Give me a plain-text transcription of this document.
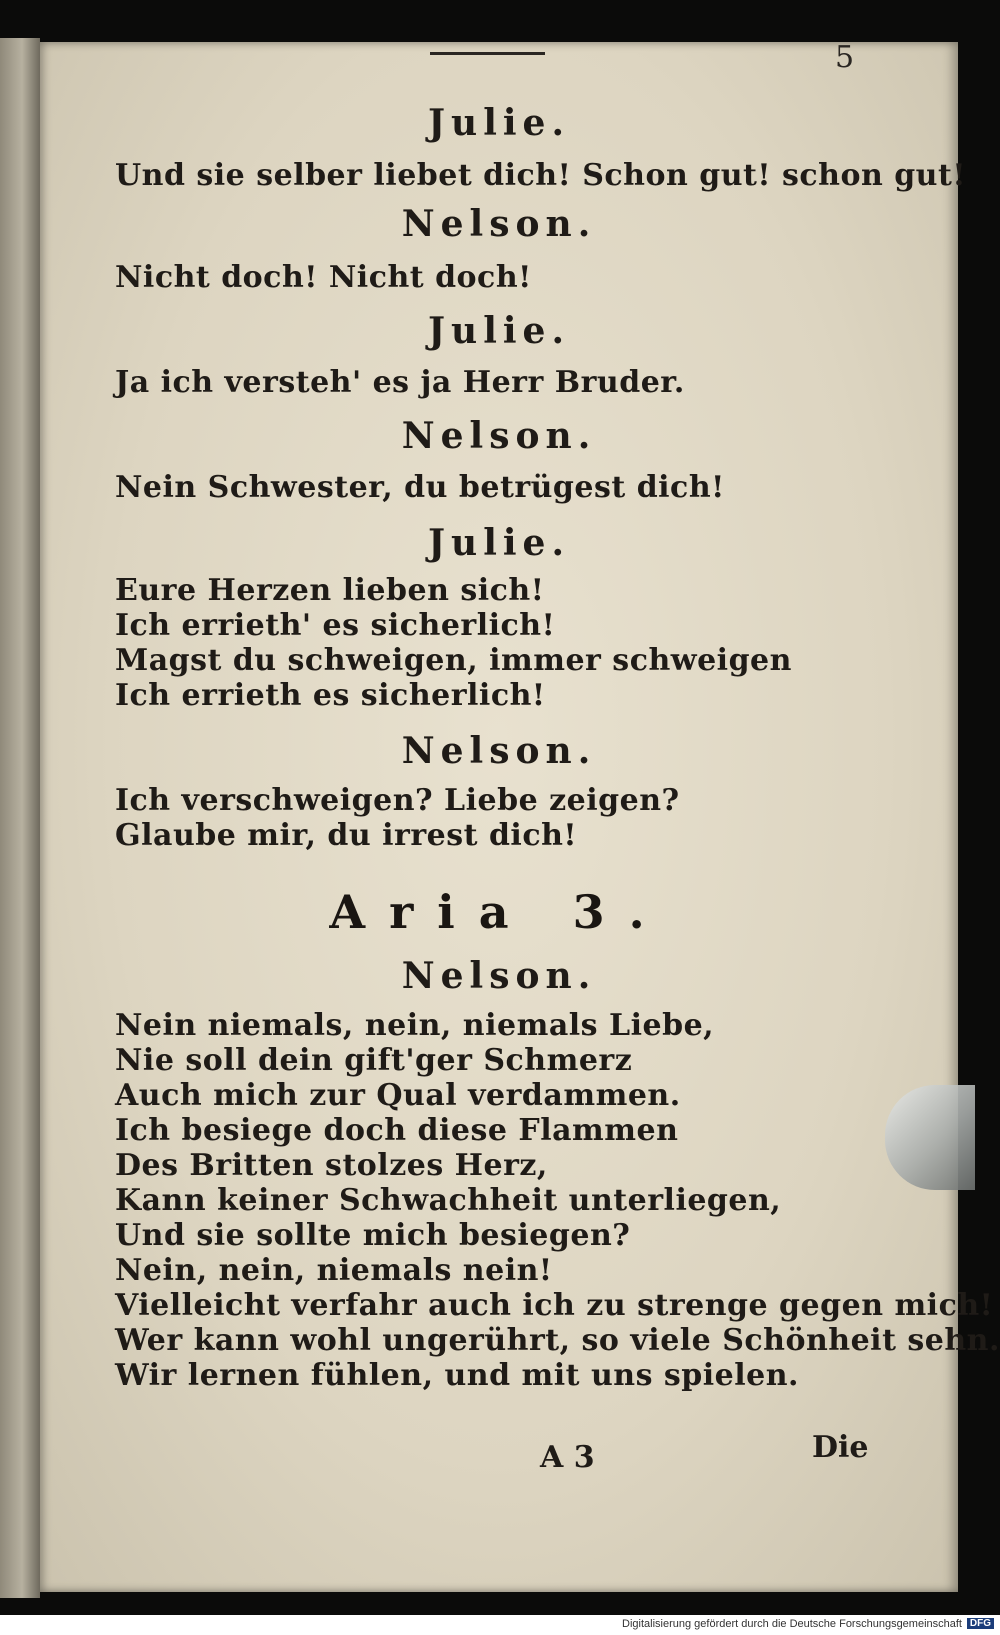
5
Julie.
Und sie selber liebet dich! Schon gut! schon gut!
Nelson.
Nicht doch! Nicht doch!
Julie.
Ja ich versteh' es ja Herr Bruder.
Nelson.
Nein Schwester, du betrügest dich!
Julie.
Eure Herzen lieben sich!
Ich errieth' es sicherlich!
Magst du schweigen, immer schweigen
Ich errieth es sicherlich!
Nelson.
Ich verschweigen? Liebe zeigen?
Glaube mir, du irrest dich!
Aria 3.
Nelson.
Nein niemals, nein, niemals Liebe,
Nie soll dein gift'ger Schmerz
Auch mich zur Qual verdammen.
Ich besiege doch diese Flammen
Des Britten stolzes Herz,
Kann keiner Schwachheit unterliegen,
Und sie sollte mich besiegen?
Nein, nein, niemals nein!
Vielleicht verfahr auch ich zu strenge gegen mich!
Wer kann wohl ungerührt, so viele Schönheit sehn.
Wir lernen fühlen, und mit uns spielen.
A 3	Die
Digitalisierung gefördert durch die Deutsche Forschungsgemeinschaft DFG
